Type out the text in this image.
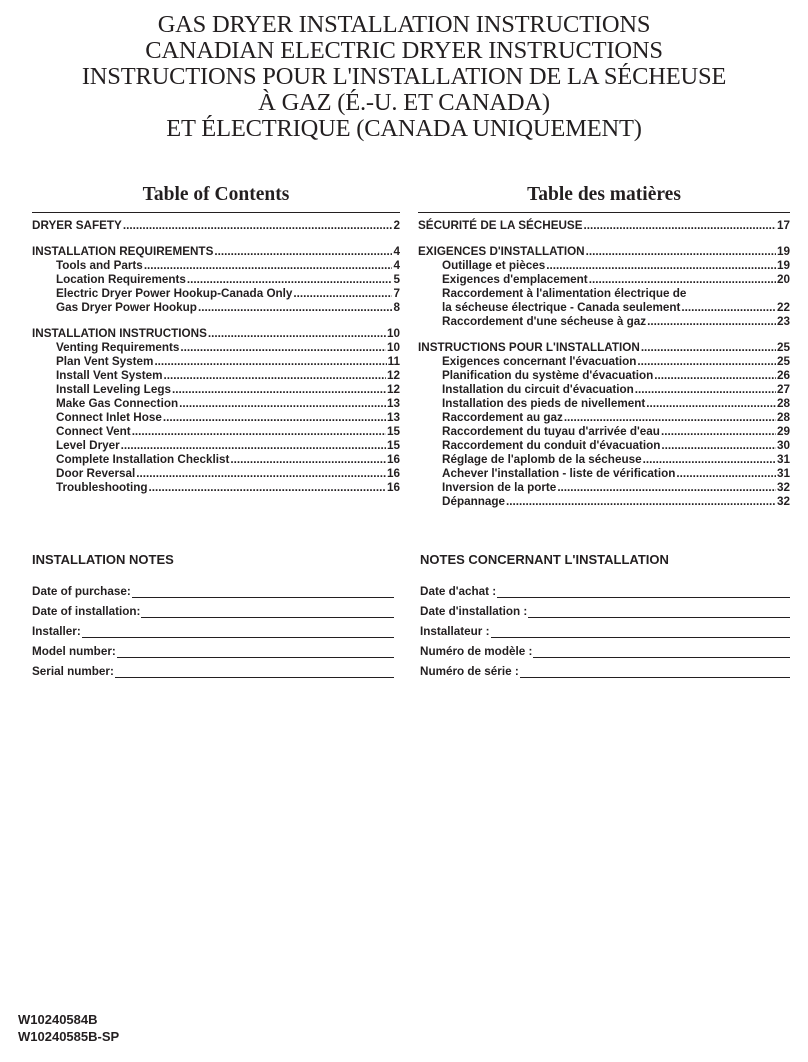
GAS DRYER INSTALLATION INSTRUCTIONS
CANADIAN ELECTRIC DRYER INSTRUCTIONS
INSTRUCTIONS POUR L'INSTALLATION DE LA SÉCHEUSE
À GAZ (É.-U. ET CANADA)
ET ÉLECTRIQUE (CANADA UNIQUEMENT)
Table of Contents
DRYER SAFETY .....	2
INSTALLATION REQUIREMENTS .....	4
Tools and Parts .....	4
Location Requirements .....	5
Electric Dryer Power Hookup-Canada Only .....	7
Gas Dryer Power Hookup .....	8
INSTALLATION INSTRUCTIONS .....	10
Venting Requirements .....	10
Plan Vent System .....	11
Install Vent System .....	12
Install Leveling Legs .....	12
Make Gas Connection .....	13
Connect Inlet Hose .....	13
Connect Vent .....	15
Level Dryer .....	15
Complete Installation Checklist .....	16
Door Reversal .....	16
Troubleshooting .....	16
Table des matières
SÉCURITÉ DE LA SÉCHEUSE .....	17
EXIGENCES D'INSTALLATION .....	19
Outillage et pièces .....	19
Exigences d'emplacement .....	20
Raccordement à l'alimentation électrique de
la sécheuse électrique - Canada seulement .....	22
Raccordement d'une sécheuse à gaz .....	23
INSTRUCTIONS POUR L'INSTALLATION .....	25
Exigences concernant l'évacuation .....	25
Planification du système d'évacuation .....	26
Installation du circuit d'évacuation .....	27
Installation des pieds de nivellement .....	28
Raccordement au gaz .....	28
Raccordement du tuyau d'arrivée d'eau .....	29
Raccordement du conduit d'évacuation .....	30
Réglage de l'aplomb de la sécheuse .....	31
Achever l'installation - liste de vérification .....	31
Inversion de la porte .....	32
Dépannage .....	32
INSTALLATION NOTES
Date of purchase:
Date of installation:
Installer:
Model number:
Serial number:
NOTES CONCERNANT L'INSTALLATION
Date d'achat :
Date d'installation :
Installateur :
Numéro de modèle :
Numéro de série :
W10240584B
W10240585B-SP
